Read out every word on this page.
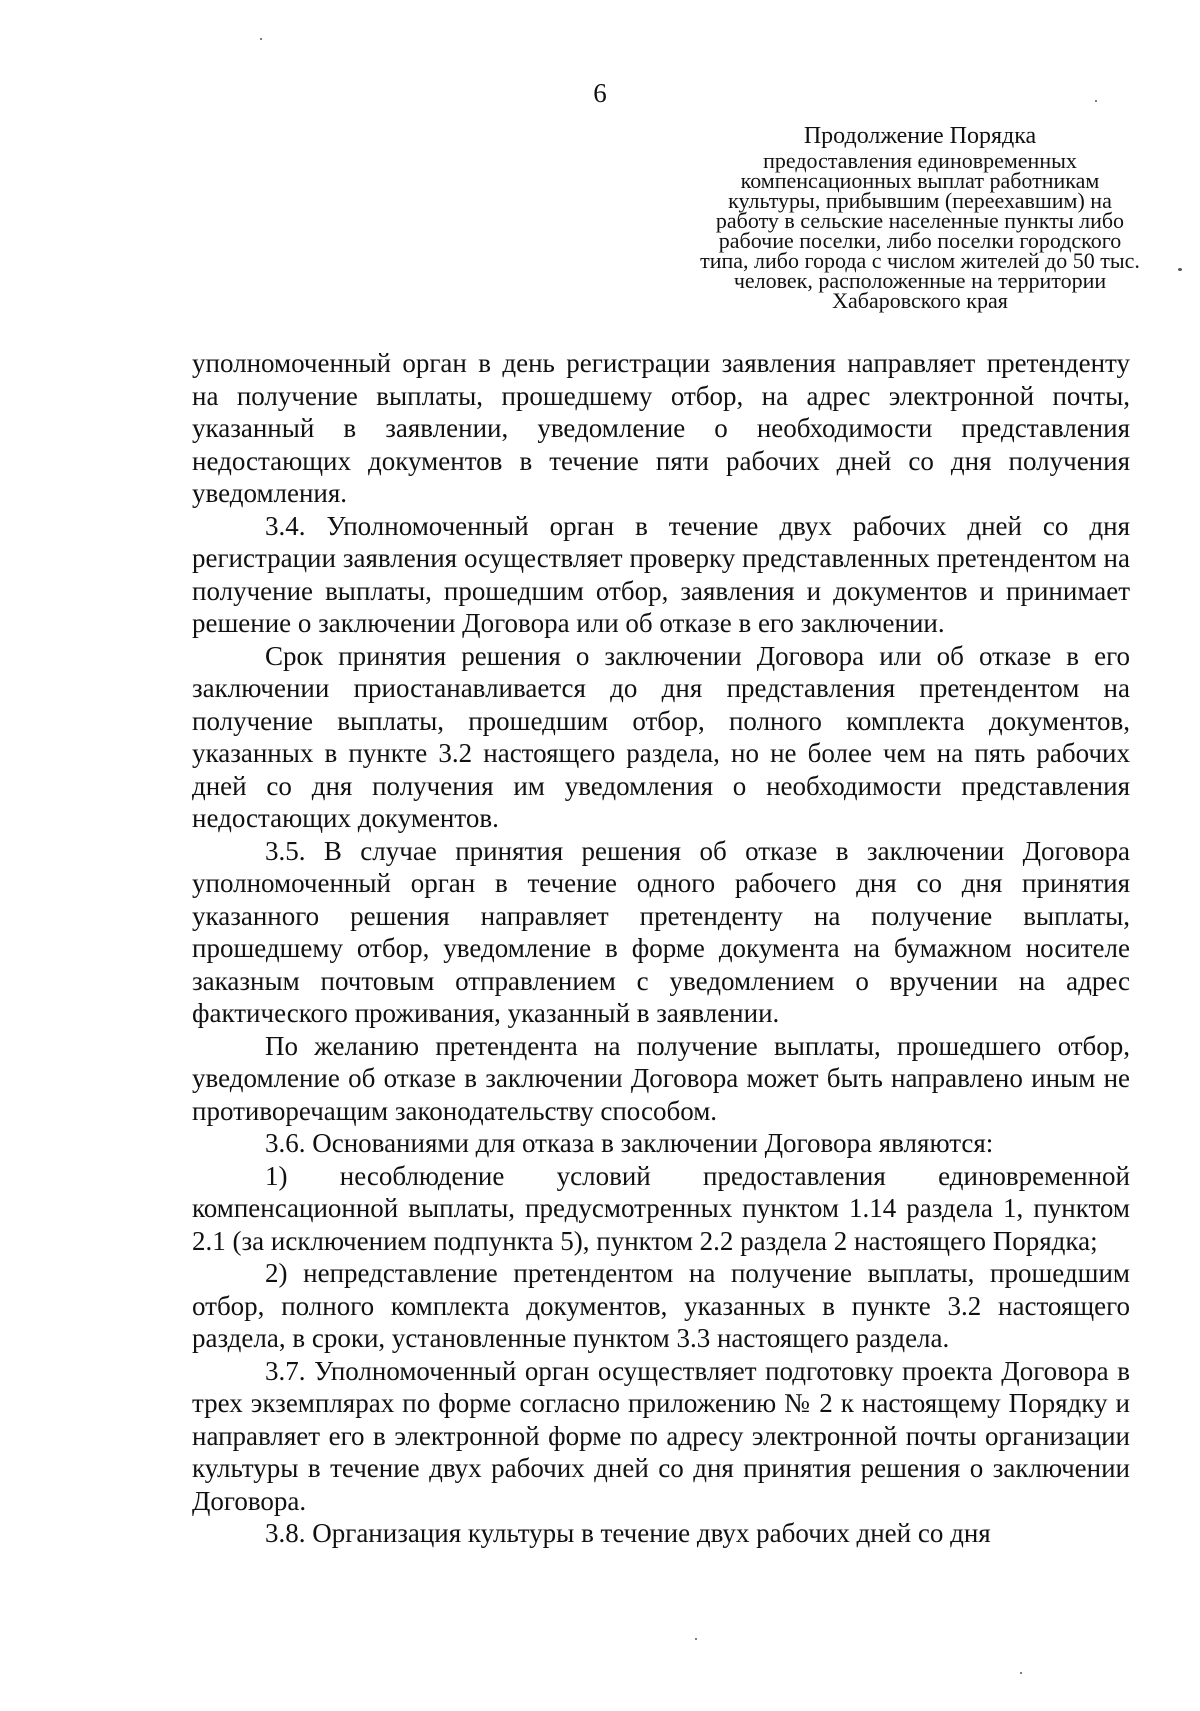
6
Продолжение Порядка
предоставления единовременных компенсационных выплат работникам культуры, прибывшим (переехавшим) на работу в сельские населенные пункты либо рабочие поселки, либо поселки городского типа, либо города с числом жителей до 50 тыс. человек, расположенные на территории Хабаровского края

уполномоченный орган в день регистрации заявления направляет претенденту на получение выплаты, прошедшему отбор, на адрес электронной почты, указанный в заявлении, уведомление о необходимости представления недостающих документов в течение пяти рабочих дней со дня получения уведомления.

3.4. Уполномоченный орган в течение двух рабочих дней со дня регистрации заявления осуществляет проверку представленных претендентом на получение выплаты, прошедшим отбор, заявления и документов и принимает решение о заключении Договора или об отказе в его заключении.

Срок принятия решения о заключении Договора или об отказе в его заключении приостанавливается до дня представления претендентом на получение выплаты, прошедшим отбор, полного комплекта документов, указанных в пункте 3.2 настоящего раздела, но не более чем на пять рабочих дней со дня получения им уведомления о необходимости представления недостающих документов.

3.5. В случае принятия решения об отказе в заключении Договора уполномоченный орган в течение одного рабочего дня со дня принятия указанного решения направляет претенденту на получение выплаты, прошедшему отбор, уведомление в форме документа на бумажном носителе заказным почтовым отправлением с уведомлением о вручении на адрес фактического проживания, указанный в заявлении.

По желанию претендента на получение выплаты, прошедшего отбор, уведомление об отказе в заключении Договора может быть направлено иным не противоречащим законодательству способом.

3.6. Основаниями для отказа в заключении Договора являются:

1) несоблюдение условий предоставления единовременной компенсационной выплаты, предусмотренных пунктом 1.14 раздела 1, пунктом 2.1 (за исключением подпункта 5), пунктом 2.2 раздела 2 настоящего Порядка;

2) непредставление претендентом на получение выплаты, прошедшим отбор, полного комплекта документов, указанных в пункте 3.2 настоящего раздела, в сроки, установленные пунктом 3.3 настоящего раздела.

3.7. Уполномоченный орган осуществляет подготовку проекта Договора в трех экземплярах по форме согласно приложению № 2 к настоящему Порядку и направляет его в электронной форме по адресу электронной почты организации культуры в течение двух рабочих дней со дня принятия решения о заключении Договора.

3.8. Организация культуры в течение двух рабочих дней со дня
